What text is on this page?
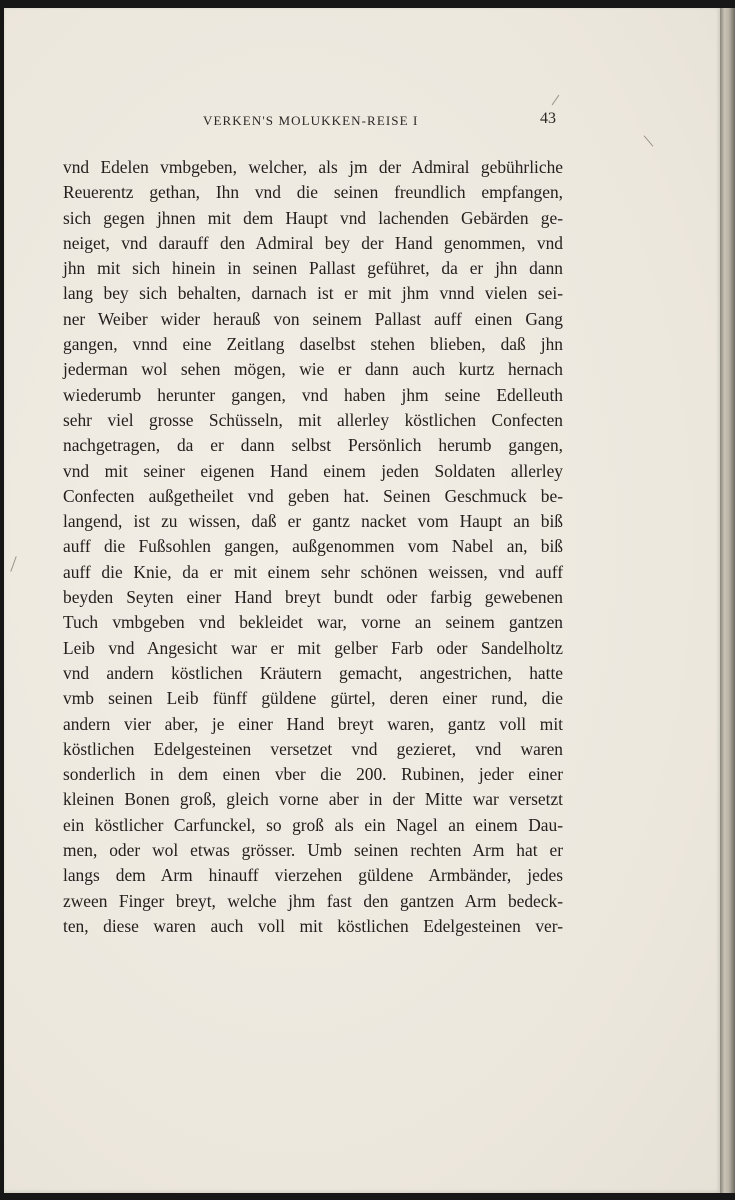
VERKEN'S MOLUKKEN-REISE I	43
vnd Edelen vmbgeben, welcher, als jm der Admiral gebührliche
Reuerentz gethan, Ihn vnd die seinen freundlich empfangen,
sich gegen jhnen mit dem Haupt vnd lachenden Gebärden ge-
neiget, vnd darauff den Admiral bey der Hand genommen, vnd
jhn mit sich hinein in seinen Pallast geführet, da er jhn dann
lang bey sich behalten, darnach ist er mit jhm vnnd vielen sei-
ner Weiber wider herauß von seinem Pallast auff einen Gang
gangen, vnnd eine Zeitlang daselbst stehen blieben, daß jhn
jederman wol sehen mögen, wie er dann auch kurtz hernach
wiederumb herunter gangen, vnd haben jhm seine Edelleuth
sehr viel grosse Schüsseln, mit allerley köstlichen Confecten
nachgetragen, da er dann selbst Persönlich herumb gangen,
vnd mit seiner eigenen Hand einem jeden Soldaten allerley
Confecten außgetheilet vnd geben hat. Seinen Geschmuck be-
langend, ist zu wissen, daß er gantz nacket vom Haupt an biß
auff die Fußsohlen gangen, außgenommen vom Nabel an, biß
auff die Knie, da er mit einem sehr schönen weissen, vnd auff
beyden Seyten einer Hand breyt bundt oder farbig gewebenen
Tuch vmbgeben vnd bekleidet war, vorne an seinem gantzen
Leib vnd Angesicht war er mit gelber Farb oder Sandelholtz
vnd andern köstlichen Kräutern gemacht, angestrichen, hatte
vmb seinen Leib fünff güldene gürtel, deren einer rund, die
andern vier aber, je einer Hand breyt waren, gantz voll mit
köstlichen Edelgesteinen versetzet vnd gezieret, vnd waren
sonderlich in dem einen vber die 200. Rubinen, jeder einer
kleinen Bonen groß, gleich vorne aber in der Mitte war versetzt
ein köstlicher Carfunckel, so groß als ein Nagel an einem Dau-
men, oder wol etwas grösser. Umb seinen rechten Arm hat er
langs dem Arm hinauff vierzehen güldene Armbänder, jedes
zween Finger breyt, welche jhm fast den gantzen Arm bedeck-
ten, diese waren auch voll mit köstlichen Edelgesteinen ver-
